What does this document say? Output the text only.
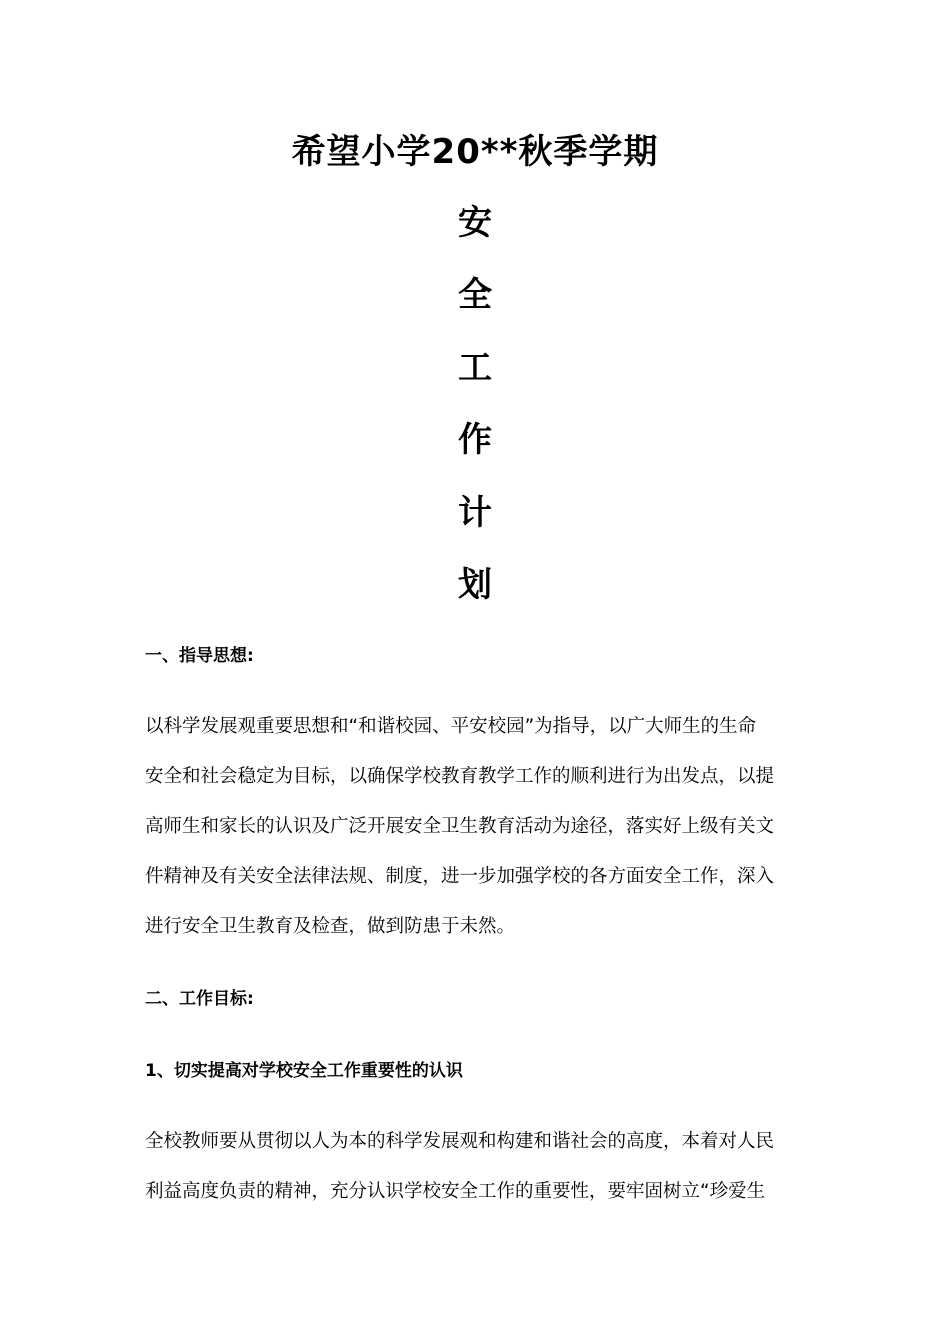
希望小学20**秋季学期
安
全
工
作
计
划
一、指导思想:
以科学发展观重要思想和“和谐校园、平安校园”为指导，以广大师生的生命
安全和社会稳定为目标，以确保学校教育教学工作的顺利进行为出发点，以提
高师生和家长的认识及广泛开展安全卫生教育活动为途径，落实好上级有关文
件精神及有关安全法律法规、制度，进一步加强学校的各方面安全工作，深入
进行安全卫生教育及检查，做到防患于未然。
二、工作目标:
1、切实提高对学校安全工作重要性的认识
全校教师要从贯彻以人为本的科学发展观和构建和谐社会的高度，本着对人民
利益高度负责的精神，充分认识学校安全工作的重要性，要牢固树立“珍爱生
